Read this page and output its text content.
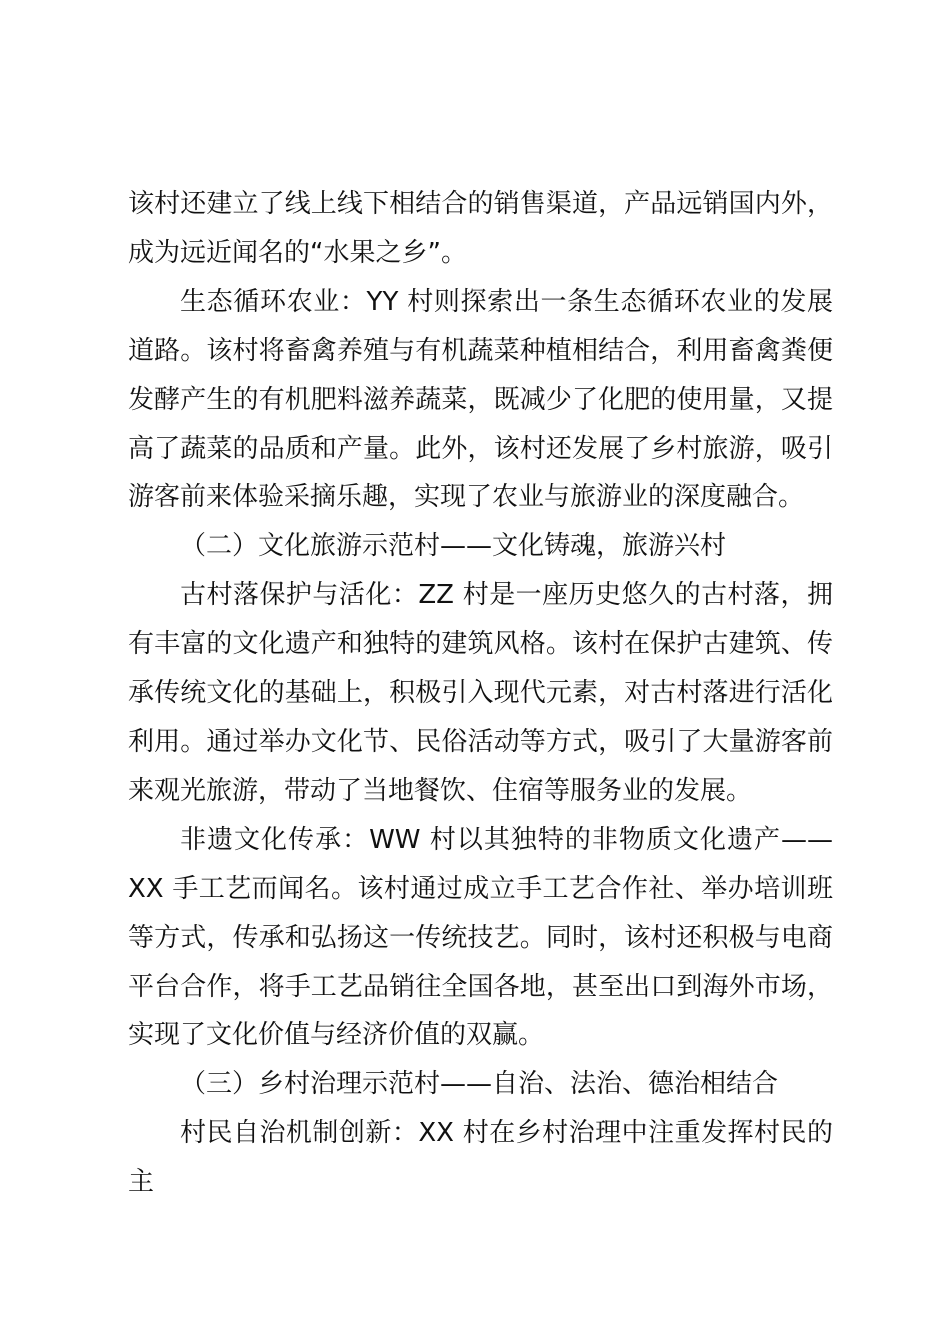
该村还建立了线上线下相结合的销售渠道，产品远销国内外，成为远近闻名的“水果之乡”。

生态循环农业：YY 村则探索出一条生态循环农业的发展道路。该村将畜禽养殖与有机蔬菜种植相结合，利用畜禽粪便发酵产生的有机肥料滋养蔬菜，既减少了化肥的使用量，又提高了蔬菜的品质和产量。此外，该村还发展了乡村旅游，吸引游客前来体验采摘乐趣，实现了农业与旅游业的深度融合。

（二）文化旅游示范村——文化铸魂，旅游兴村

古村落保护与活化：ZZ 村是一座历史悠久的古村落，拥有丰富的文化遗产和独特的建筑风格。该村在保护古建筑、传承传统文化的基础上，积极引入现代元素，对古村落进行活化利用。通过举办文化节、民俗活动等方式，吸引了大量游客前来观光旅游，带动了当地餐饮、住宿等服务业的发展。

非遗文化传承：WW 村以其独特的非物质文化遗产——XX 手工艺而闻名。该村通过成立手工艺合作社、举办培训班等方式，传承和弘扬这一传统技艺。同时，该村还积极与电商平台合作，将手工艺品销往全国各地，甚至出口到海外市场，实现了文化价值与经济价值的双赢。

（三）乡村治理示范村——自治、法治、德治相结合

村民自治机制创新：XX 村在乡村治理中注重发挥村民的主
